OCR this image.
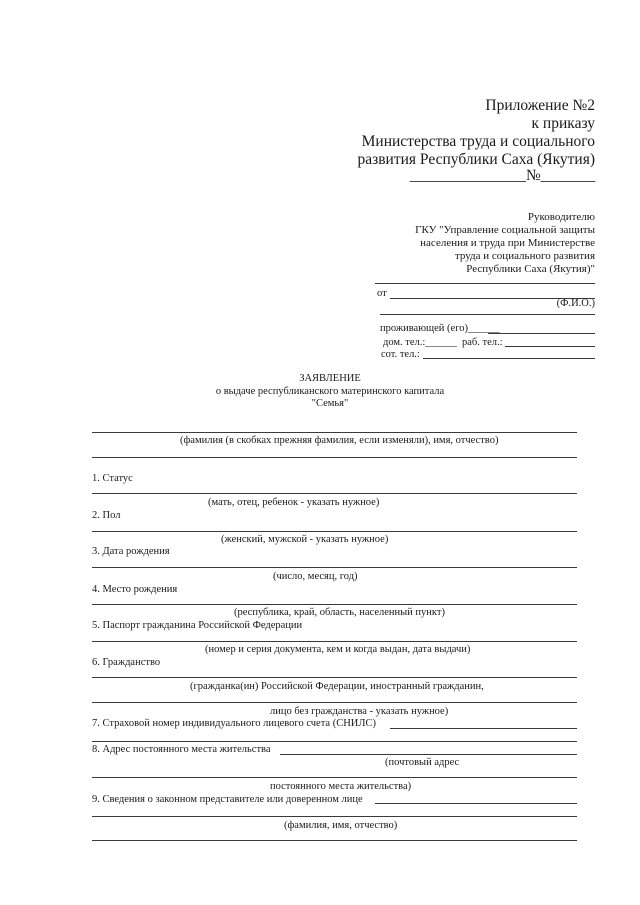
Приложение №2
к приказу
Министерства труда и социального
развития Республики Саха (Якутия)
_______________№_______
Руководителю
ГКУ "Управление социальной защиты
населения и труда при Министерстве
труда и социального развития
Республики Саха (Якутия)"
от
(Ф.И.О.)
проживающей (его)______
дом. тел.:______ раб. тел.:
сот. тел.:
ЗАЯВЛЕНИЕ
о выдаче республиканского материнского капитала
"Семья"
(фамилия (в скобках прежняя фамилия, если изменяли), имя, отчество)
1. Статус
(мать, отец, ребенок - указать нужное)
2. Пол
(женский, мужской - указать нужное)
3. Дата рождения
(число, месяц, год)
4. Место рождения
(республика, край, область, населенный пункт)
5. Паспорт гражданина Российской Федерации
(номер и серия документа, кем и когда выдан, дата выдачи)
6. Гражданство
(гражданка(ин) Российской Федерации, иностранный гражданин,
лицо без гражданства - указать нужное)
7. Страховой номер индивидуального лицевого счета (СНИЛС)
8. Адрес постоянного места жительства
(почтовый адрес
постоянного места жительства)
9. Сведения о законном представителе или доверенном лице
(фамилия, имя, отчество)
